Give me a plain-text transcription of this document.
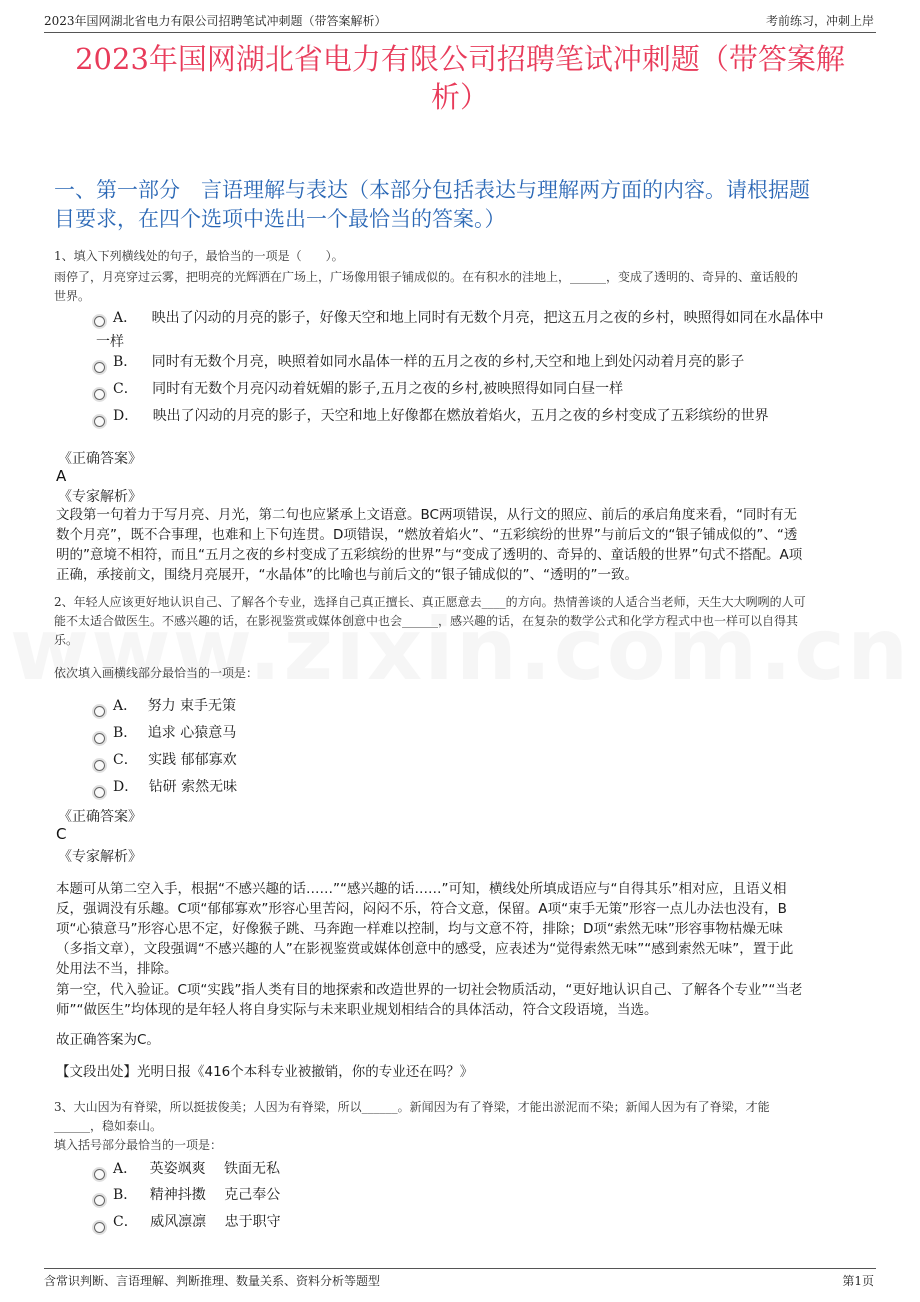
2023年国网湖北省电力有限公司招聘笔试冲刺题（带答案解析）	考前练习，冲刺上岸
2023年国网湖北省电力有限公司招聘笔试冲刺题（带答案解
析）
一、第一部分　言语理解与表达（本部分包括表达与理解两方面的内容。请根据题
目要求，在四个选项中选出一个最恰当的答案。）
1、填入下列横线处的句子，最恰当的一项是（　　）。
雨停了，月亮穿过云雾，把明亮的光辉洒在广场上，广场像用银子铺成似的。在有积水的洼地上，______，变成了透明的、奇异的、童话般的
世界。
A． 映出了闪动的月亮的影子，好像天空和地上同时有无数个月亮，把这五月之夜的乡村，映照得如同在水晶体中
一样
B． 同时有无数个月亮，映照着如同水晶体一样的五月之夜的乡村,天空和地上到处闪动着月亮的影子
C． 同时有无数个月亮闪动着妩媚的影子,五月之夜的乡村,被映照得如同白昼一样
D． 映出了闪动的月亮的影子，天空和地上好像都在燃放着焰火，五月之夜的乡村变成了五彩缤纷的世界
《正确答案》
A
《专家解析》
文段第一句着力于写月亮、月光，第二句也应紧承上文语意。BC两项错误，从行文的照应、前后的承启角度来看，“同时有无
数个月亮”，既不合事理，也难和上下句连贯。D项错误，“燃放着焰火”、“五彩缤纷的世界”与前后文的“银子铺成似的”、“透
明的”意境不相符，而且“五月之夜的乡村变成了五彩缤纷的世界”与“变成了透明的、奇异的、童话般的世界”句式不搭配。A项
正确，承接前文，围绕月亮展开，“水晶体”的比喻也与前后文的“银子铺成似的”、“透明的”一致。
2、年轻人应该更好地认识自己、了解各个专业，选择自己真正擅长、真正愿意去____的方向。热情善谈的人适合当老师，天生大大咧咧的人可
能不太适合做医生。不感兴趣的话，在影视鉴赏或媒体创意中也会______，感兴趣的话，在复杂的数学公式和化学方程式中也一样可以自得其
乐。
依次填入画横线部分最恰当的一项是：
A． 努力 束手无策
B． 追求 心猿意马
C． 实践 郁郁寡欢
D． 钻研 索然无味
《正确答案》
C
《专家解析》
本题可从第二空入手，根据“不感兴趣的话……”“感兴趣的话……”可知，横线处所填成语应与“自得其乐”相对应，且语义相
反，强调没有乐趣。C项“郁郁寡欢”形容心里苦闷，闷闷不乐，符合文意，保留。A项“束手无策”形容一点儿办法也没有，B
项“心猿意马”形容心思不定，好像猴子跳、马奔跑一样难以控制，均与文意不符，排除；D项“索然无味”形容事物枯燥无味
（多指文章），文段强调“不感兴趣的人”在影视鉴赏或媒体创意中的感受，应表述为“觉得索然无味”“感到索然无味”，置于此
处用法不当，排除。
第一空，代入验证。C项“实践”指人类有目的地探索和改造世界的一切社会物质活动，“更好地认识自己、了解各个专业”“当老
师”“做医生”均体现的是年轻人将自身实际与未来职业规划相结合的具体活动，符合文段语境，当选。
故正确答案为C。
【文段出处】光明日报《416个本科专业被撤销，你的专业还在吗？》
3、大山因为有脊梁，所以挺拔俊美；人因为有脊梁，所以______。新闻因为有了脊梁，才能出淤泥而不染；新闻人因为有了脊梁，才能
______，稳如泰山。
填入括号部分最恰当的一项是：
A． 英姿飒爽　 铁面无私
B． 精神抖擞　 克己奉公
C． 威风凛凛　 忠于职守
含常识判断、言语理解、判断推理、数量关系、资料分析等题型	第1页
